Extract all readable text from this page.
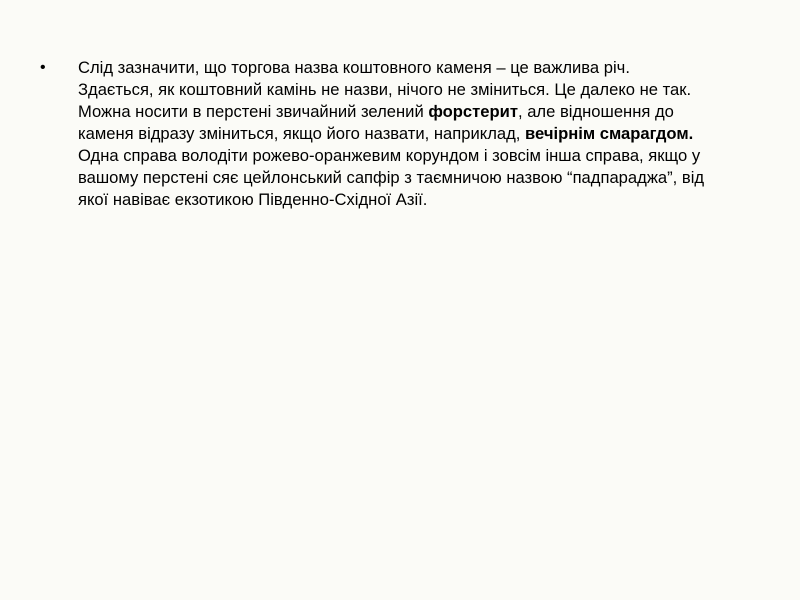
• Слід зазначити, що торгова назва коштовного каменя – це важлива річ.
Здається, як коштовний камінь не назви, нічого не зміниться. Це далеко не так.
Можна носити в перстені звичайний зелений форстерит, але відношення до
каменя відразу зміниться, якщо його назвати, наприклад, вечірнім смарагдом.
Одна справа володіти рожево-оранжевим корундом і зовсім інша справа, якщо у
вашому перстені сяє цейлонський сапфір з таємничою назвою “падпараджа”, від
якої навіває екзотикою Південно-Східної Азії.
